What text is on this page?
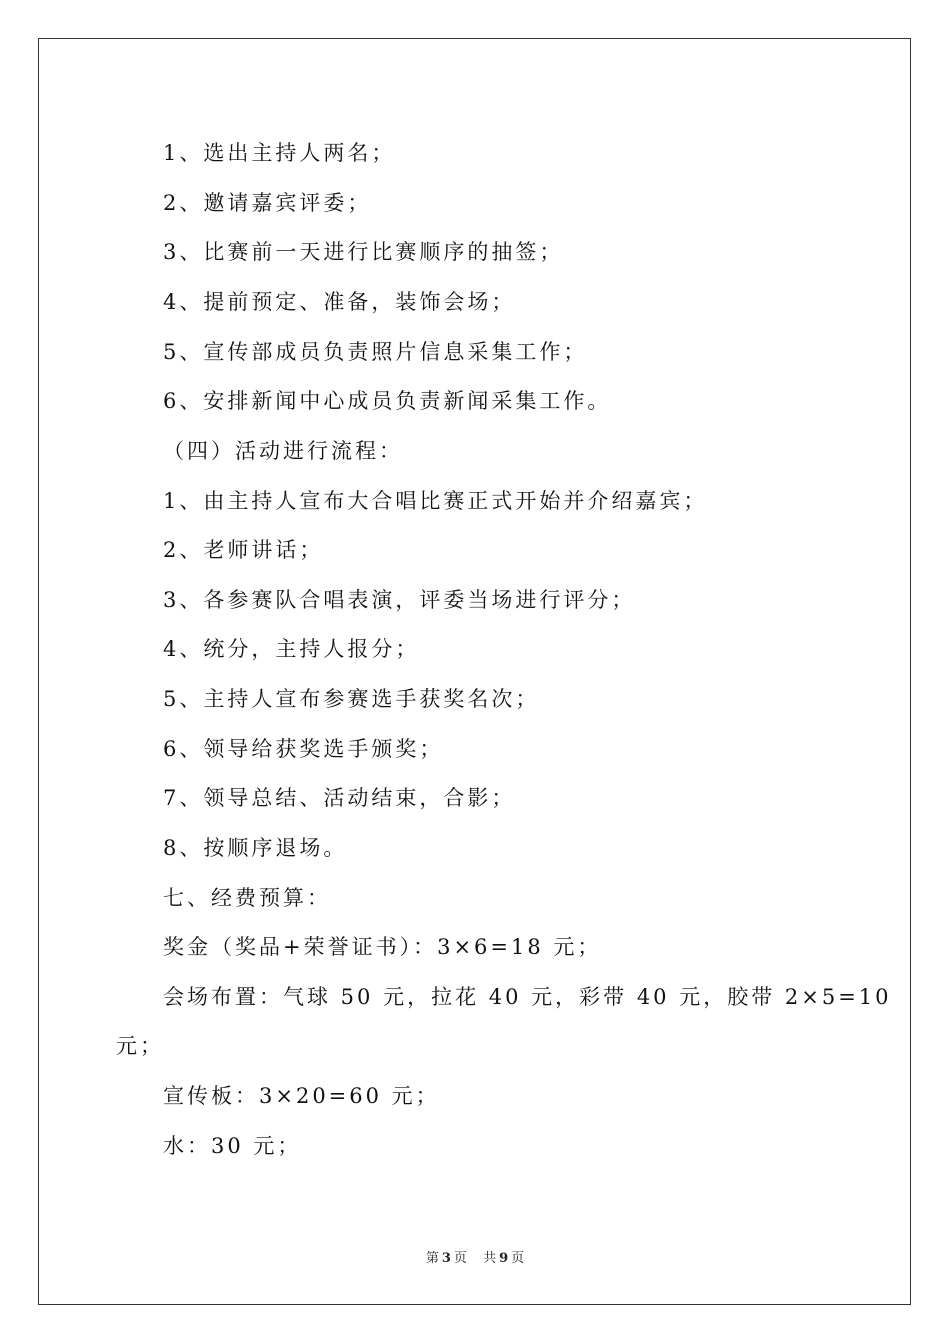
1、选出主持人两名；
2、邀请嘉宾评委；
3、比赛前一天进行比赛顺序的抽签；
4、提前预定、准备，装饰会场；
5、宣传部成员负责照片信息采集工作；
6、安排新闻中心成员负责新闻采集工作。
（四）活动进行流程：
1、由主持人宣布大合唱比赛正式开始并介绍嘉宾；
2、老师讲话；
3、各参赛队合唱表演，评委当场进行评分；
4、统分，主持人报分；
5、主持人宣布参赛选手获奖名次；
6、领导给获奖选手颁奖；
7、领导总结、活动结束，合影；
8、按顺序退场。
七、经费预算：
奖金（奖品+荣誉证书）：3×6=18 元；
会场布置：气球 50 元，拉花 40 元，彩带 40 元，胶带 2×5=10
元；
宣传板：3×20=60 元；
水：30 元；
第 3 页 共 9 页
